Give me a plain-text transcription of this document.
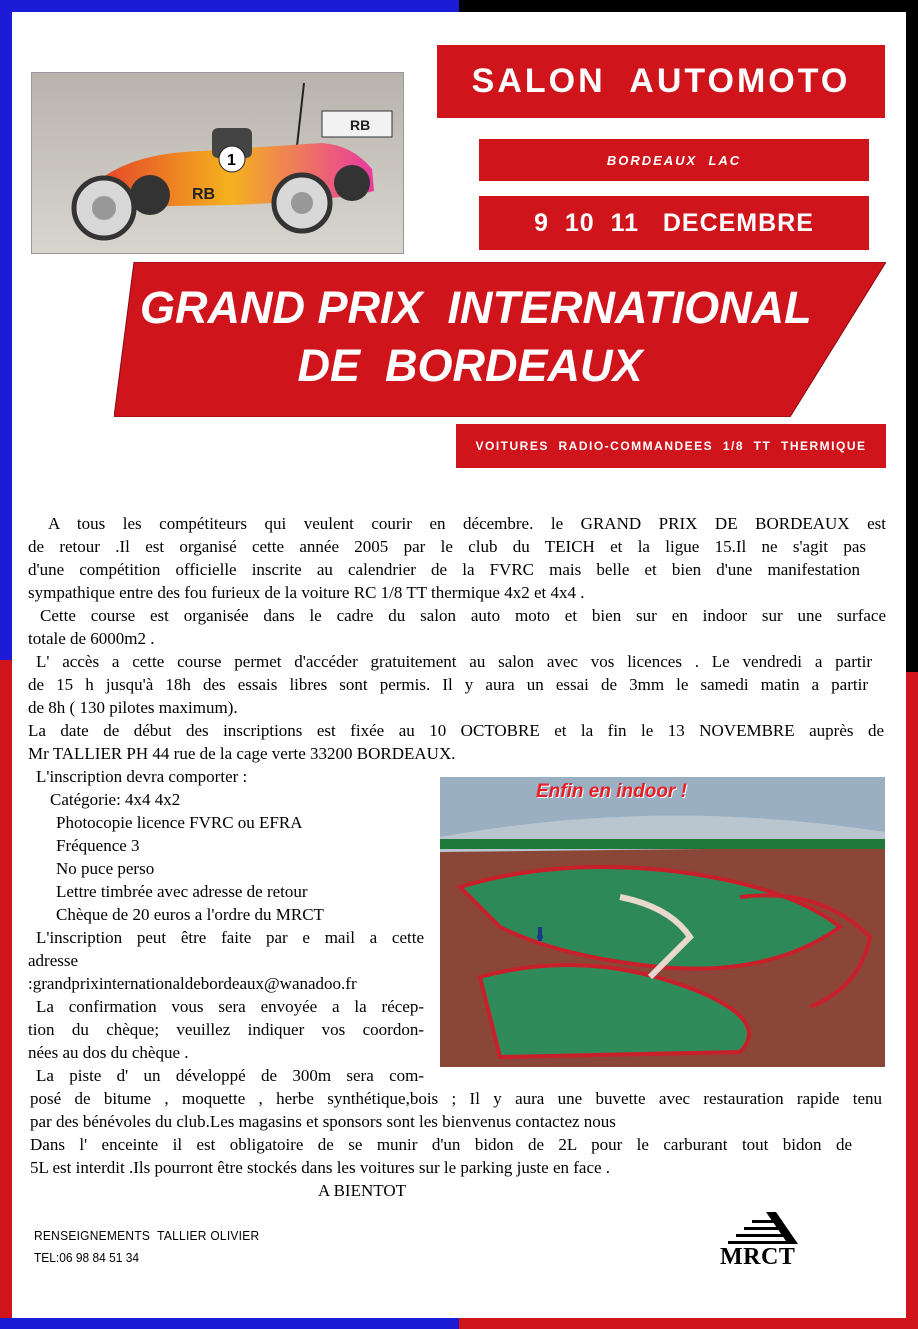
RB
1
RB
SALON  AUTOMOTO
BORDEAUX  LAC
9  10  11   DECEMBRE
GRAND PRIX  INTERNATIONAL
DE  BORDEAUX
VOITURES  RADIO-COMMANDEES  1/8  TT  THERMIQUE
Enfin en indoor !
A tous les compétiteurs qui veulent courir en décembre. le GRAND PRIX DE BORDEAUX est
de retour .Il est organisé cette année 2005 par le club du TEICH et la ligue 15.Il ne s'agit pas
d'une compétition officielle inscrite au calendrier de la FVRC mais belle et bien d'une manifestation
sympathique entre des fou furieux de la voiture RC 1/8 TT thermique 4x2 et 4x4 .
Cette course est organisée dans le cadre du salon auto moto et bien sur en indoor sur une surface
totale de 6000m2 .
L' accès a cette course permet d'accéder gratuitement au salon avec vos licences . Le vendredi a partir
de 15 h jusqu'à 18h des essais libres sont permis. Il y aura un essai de 3mm le samedi matin a partir
de 8h ( 130 pilotes maximum).
La date de début des inscriptions est fixée au 10 OCTOBRE et la fin le 13 NOVEMBRE auprès de
Mr TALLIER PH 44 rue de la cage verte 33200 BORDEAUX.
L'inscription devra comporter :
Catégorie: 4x4 4x2
Photocopie licence FVRC ou EFRA
Fréquence 3
No puce perso
Lettre timbrée avec adresse de retour
Chèque de 20 euros a l'ordre du MRCT
L'inscription peut être faite par e mail a cette
adresse
:grandprixinternationaldebordeaux@wanadoo.fr
La confirmation vous sera envoyée a la récep-
tion du chèque; veuillez indiquer vos coordon-
nées au dos du chèque .
La piste d' un développé de 300m sera com-
posé de bitume , moquette , herbe synthétique,bois ; Il y aura une buvette avec restauration rapide tenu
par des bénévoles du club.Les magasins et sponsors sont les bienvenus contactez nous
Dans l' enceinte il est obligatoire de se munir d'un bidon de 2L pour le carburant tout bidon de
5L est interdit .Ils pourront être stockés dans les voitures sur le parking juste en face .
A BIENTOT
RENSEIGNEMENTS  TALLIER OLIVIER
TEL:06 98 84 51 34	MRCT
